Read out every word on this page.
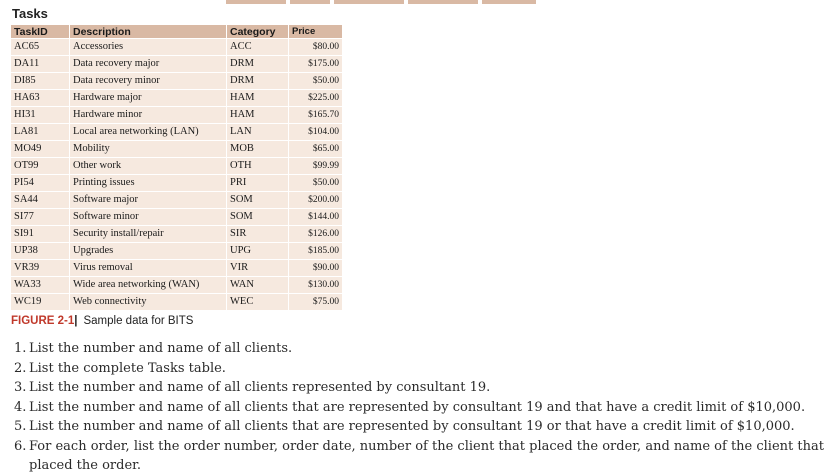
Tasks
TaskID	Description	Category	Price
AC65	Accessories	ACC	$80.00
DA11	Data recovery major	DRM	$175.00
DI85	Data recovery minor	DRM	$50.00
HA63	Hardware major	HAM	$225.00
HI31	Hardware minor	HAM	$165.70
LA81	Local area networking (LAN)	LAN	$104.00
MO49	Mobility	MOB	$65.00
OT99	Other work	OTH	$99.99
PI54	Printing issues	PRI	$50.00
SA44	Software major	SOM	$200.00
SI77	Software minor	SOM	$144.00
SI91	Security install/repair	SIR	$126.00
UP38	Upgrades	UPG	$185.00
VR39	Virus removal	VIR	$90.00
WA33	Wide area networking (WAN)	WAN	$130.00
WC19	Web connectivity	WEC	$75.00
FIGURE 2-1| Sample data for BITS
1. List the number and name of all clients.
2. List the complete Tasks table.
3. List the number and name of all clients represented by consultant 19.
4. List the number and name of all clients that are represented by consultant 19 and that have a credit limit of $10,000.
5. List the number and name of all clients that are represented by consultant 19 or that have a credit limit of $10,000.
6. For each order, list the order number, order date, number of the client that placed the order, and name of the client that placed the order.
